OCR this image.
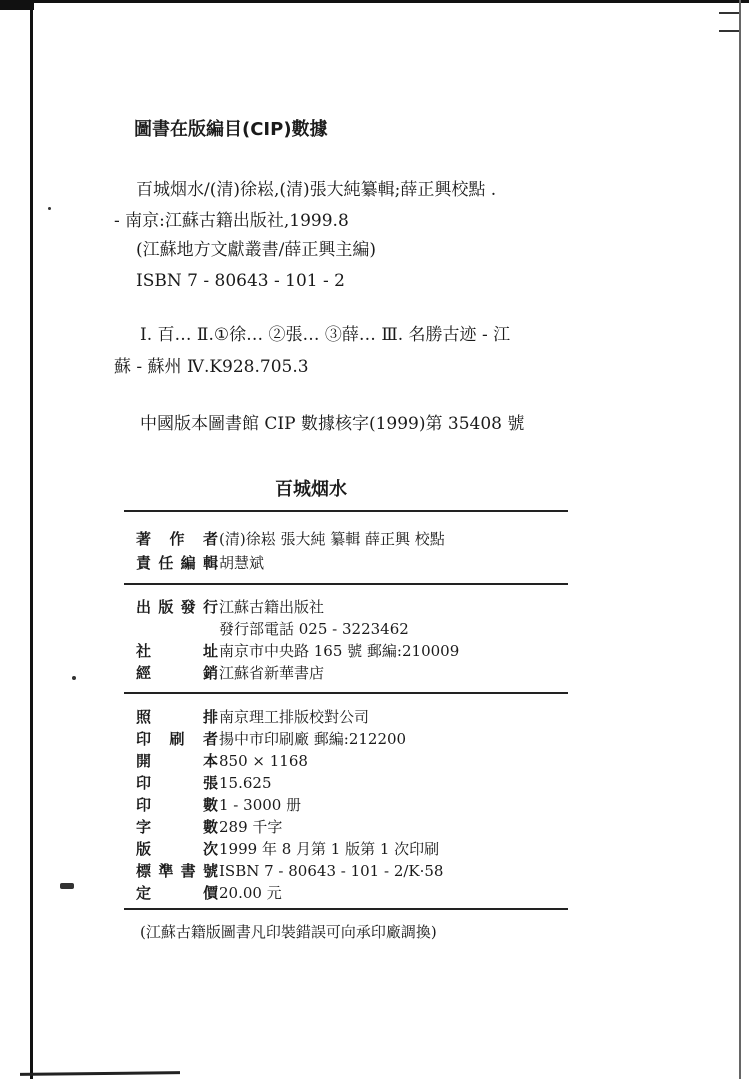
圖書在版編目(CIP)數據
百城烟水/(清)徐崧,(清)張大純纂輯;薛正興校點 .
- 南京:江蘇古籍出版社,1999.8
(江蘇地方文獻叢書/薛正興主編)
ISBN 7 - 80643 - 101 - 2
Ⅰ. 百… Ⅱ.①徐… ②張… ③薛… Ⅲ. 名勝古迹 - 江
蘇 - 蘇州 Ⅳ.K928.705.3
中國版本圖書館 CIP 數據核字(1999)第 35408 號
百城烟水
著 作 者 (清)徐崧 張大純 纂輯 薛正興 校點
責 任 編 輯 胡慧斌
出 版 發 行 江蘇古籍出版社
發行部電話 025 - 3223462
社	址 南京市中央路 165 號 郵編:210009
經	銷 江蘇省新華書店
照	排 南京理工排版校對公司
印 刷 者 揚中市印刷廠 郵編:212200
開	本 850 × 1168
印	張 15.625
印	數 1 - 3000 册
字	數 289 千字
版	次 1999 年 8 月第 1 版第 1 次印刷
標 準 書 號 ISBN 7 - 80643 - 101 - 2/K·58
定	價 20.00 元
(江蘇古籍版圖書凡印裝錯誤可向承印廠調換)
